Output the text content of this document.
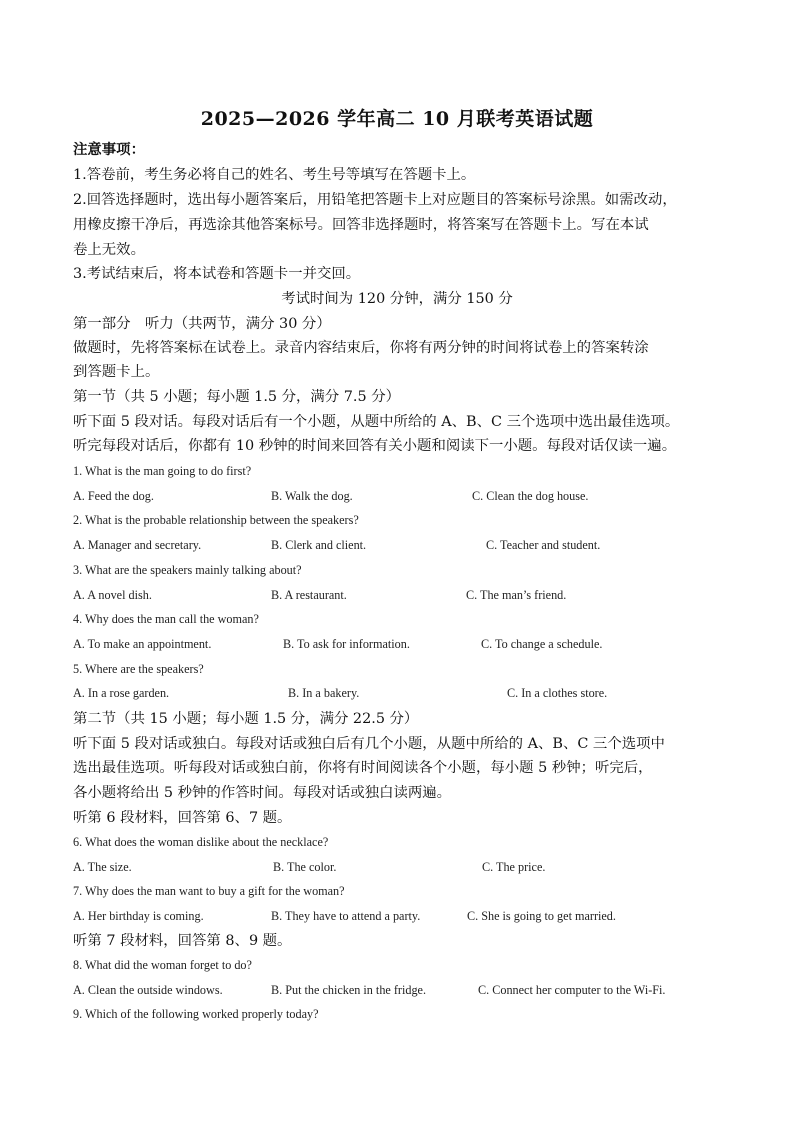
2025—2026 学年高二 10 月联考英语试题
注意事项：
1.答卷前，考生务必将自己的姓名、考生号等填写在答题卡上。
2.回答选择题时，选出每小题答案后，用铅笔把答题卡上对应题目的答案标号涂黑。如需改动，
用橡皮擦干净后，再选涂其他答案标号。回答非选择题时，将答案写在答题卡上。写在本试
卷上无效。
3.考试结束后，将本试卷和答题卡一并交回。
考试时间为 120 分钟，满分 150 分
第一部分　听力（共两节，满分 30 分）
做题时，先将答案标在试卷上。录音内容结束后，你将有两分钟的时间将试卷上的答案转涂
到答题卡上。
第一节（共 5 小题；每小题 1.5 分，满分 7.5 分）
听下面 5 段对话。每段对话后有一个小题，从题中所给的 A、B、C 三个选项中选出最佳选项。
听完每段对话后，你都有 10 秒钟的时间来回答有关小题和阅读下一小题。每段对话仅读一遍。
1. What is the man going to do first?
A. Feed the dog.	B. Walk the dog.	C. Clean the dog house.
2. What is the probable relationship between the speakers?
A. Manager and secretary.	B. Clerk and client.	C. Teacher and student.
3. What are the speakers mainly talking about?
A. A novel dish.	B. A restaurant.	C. The man’s friend.
4. Why does the man call the woman?
A. To make an appointment.	B. To ask for information.	C. To change a schedule.
5. Where are the speakers?
A. In a rose garden.	B. In a bakery.	C. In a clothes store.
第二节（共 15 小题；每小题 1.5 分，满分 22.5 分）
听下面 5 段对话或独白。每段对话或独白后有几个小题，从题中所给的 A、B、C 三个选项中
选出最佳选项。听每段对话或独白前，你将有时间阅读各个小题，每小题 5 秒钟；听完后，
各小题将给出 5 秒钟的作答时间。每段对话或独白读两遍。
听第 6 段材料，回答第 6、7 题。
6. What does the woman dislike about the necklace?
A. The size.	B. The color.	C. The price.
7. Why does the man want to buy a gift for the woman?
A. Her birthday is coming.	B. They have to attend a party.	C. She is going to get married.
听第 7 段材料，回答第 8、9 题。
8. What did the woman forget to do?
A. Clean the outside windows.	B. Put the chicken in the fridge.	C. Connect her computer to the Wi-Fi.
9. Which of the following worked properly today?
